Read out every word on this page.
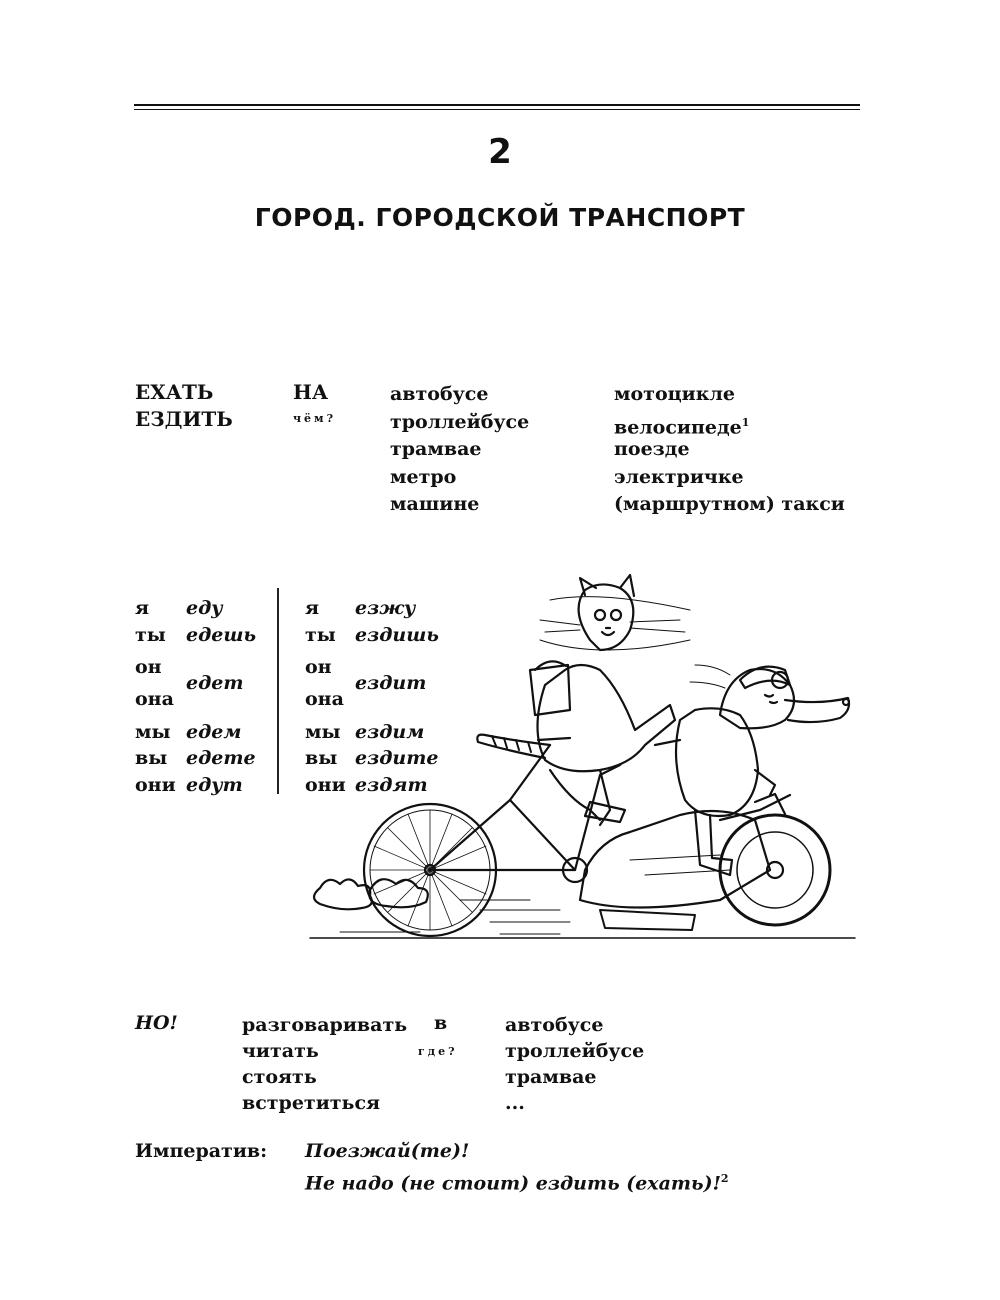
2
ГОРОД. ГОРОДСКОЙ ТРАНСПОРТ
ЕХАТЬ
ЕЗДИТЬ
НА
чём?
автобусе
троллейбусе
трамвае
метро
машине
мотоцикле
велосипеде$^1$
поезде
электричке
(маршрутном) такси
я еду
ты едешь
он
она
едет
мы едем
вы едете
они едут
я езжу
ты ездишь
он
она
ездит
мы ездим
вы ездите
они ездят
НО!	разговаривать
читать
стоять
встретиться
в
где?
автобусе
троллейбусе
трамвае
...
Императив: Поезжай(те)!
Не надо (не стоит) ездить (ехать)!$^2$
